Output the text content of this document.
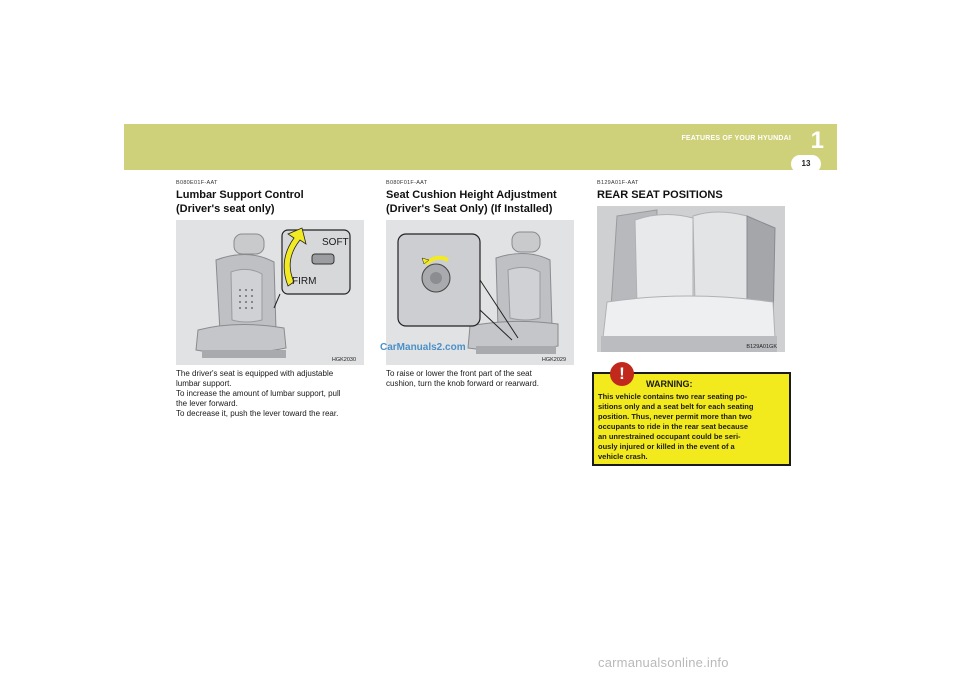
FEATURES OF YOUR HYUNDAI 1
13
B080E01F-AAT
Lumbar Support Control
(Driver's seat only)
SOFT
FIRM
HGK2030
The driver's seat is equipped with adjustable
lumbar support.
To increase the amount of lumbar support, pull
the lever forward.
To decrease it, push the lever toward the rear.
B080F01F-AAT
Seat Cushion Height Adjustment
(Driver's Seat Only) (If Installed)
HGK2029
CarManuals2.com
To raise or lower the front part of the seat
cushion, turn the knob forward or rearward.
B129A01F-AAT
REAR SEAT POSITIONS
B129A01GK
WARNING:
This vehicle contains two rear seating po-
sitions only and a seat belt for each seating
position. Thus, never permit more than two
occupants to ride in the rear seat because
an unrestrained occupant could be seri-
ously injured or killed in the event of a
vehicle crash.
!
carmanualsonline.info
